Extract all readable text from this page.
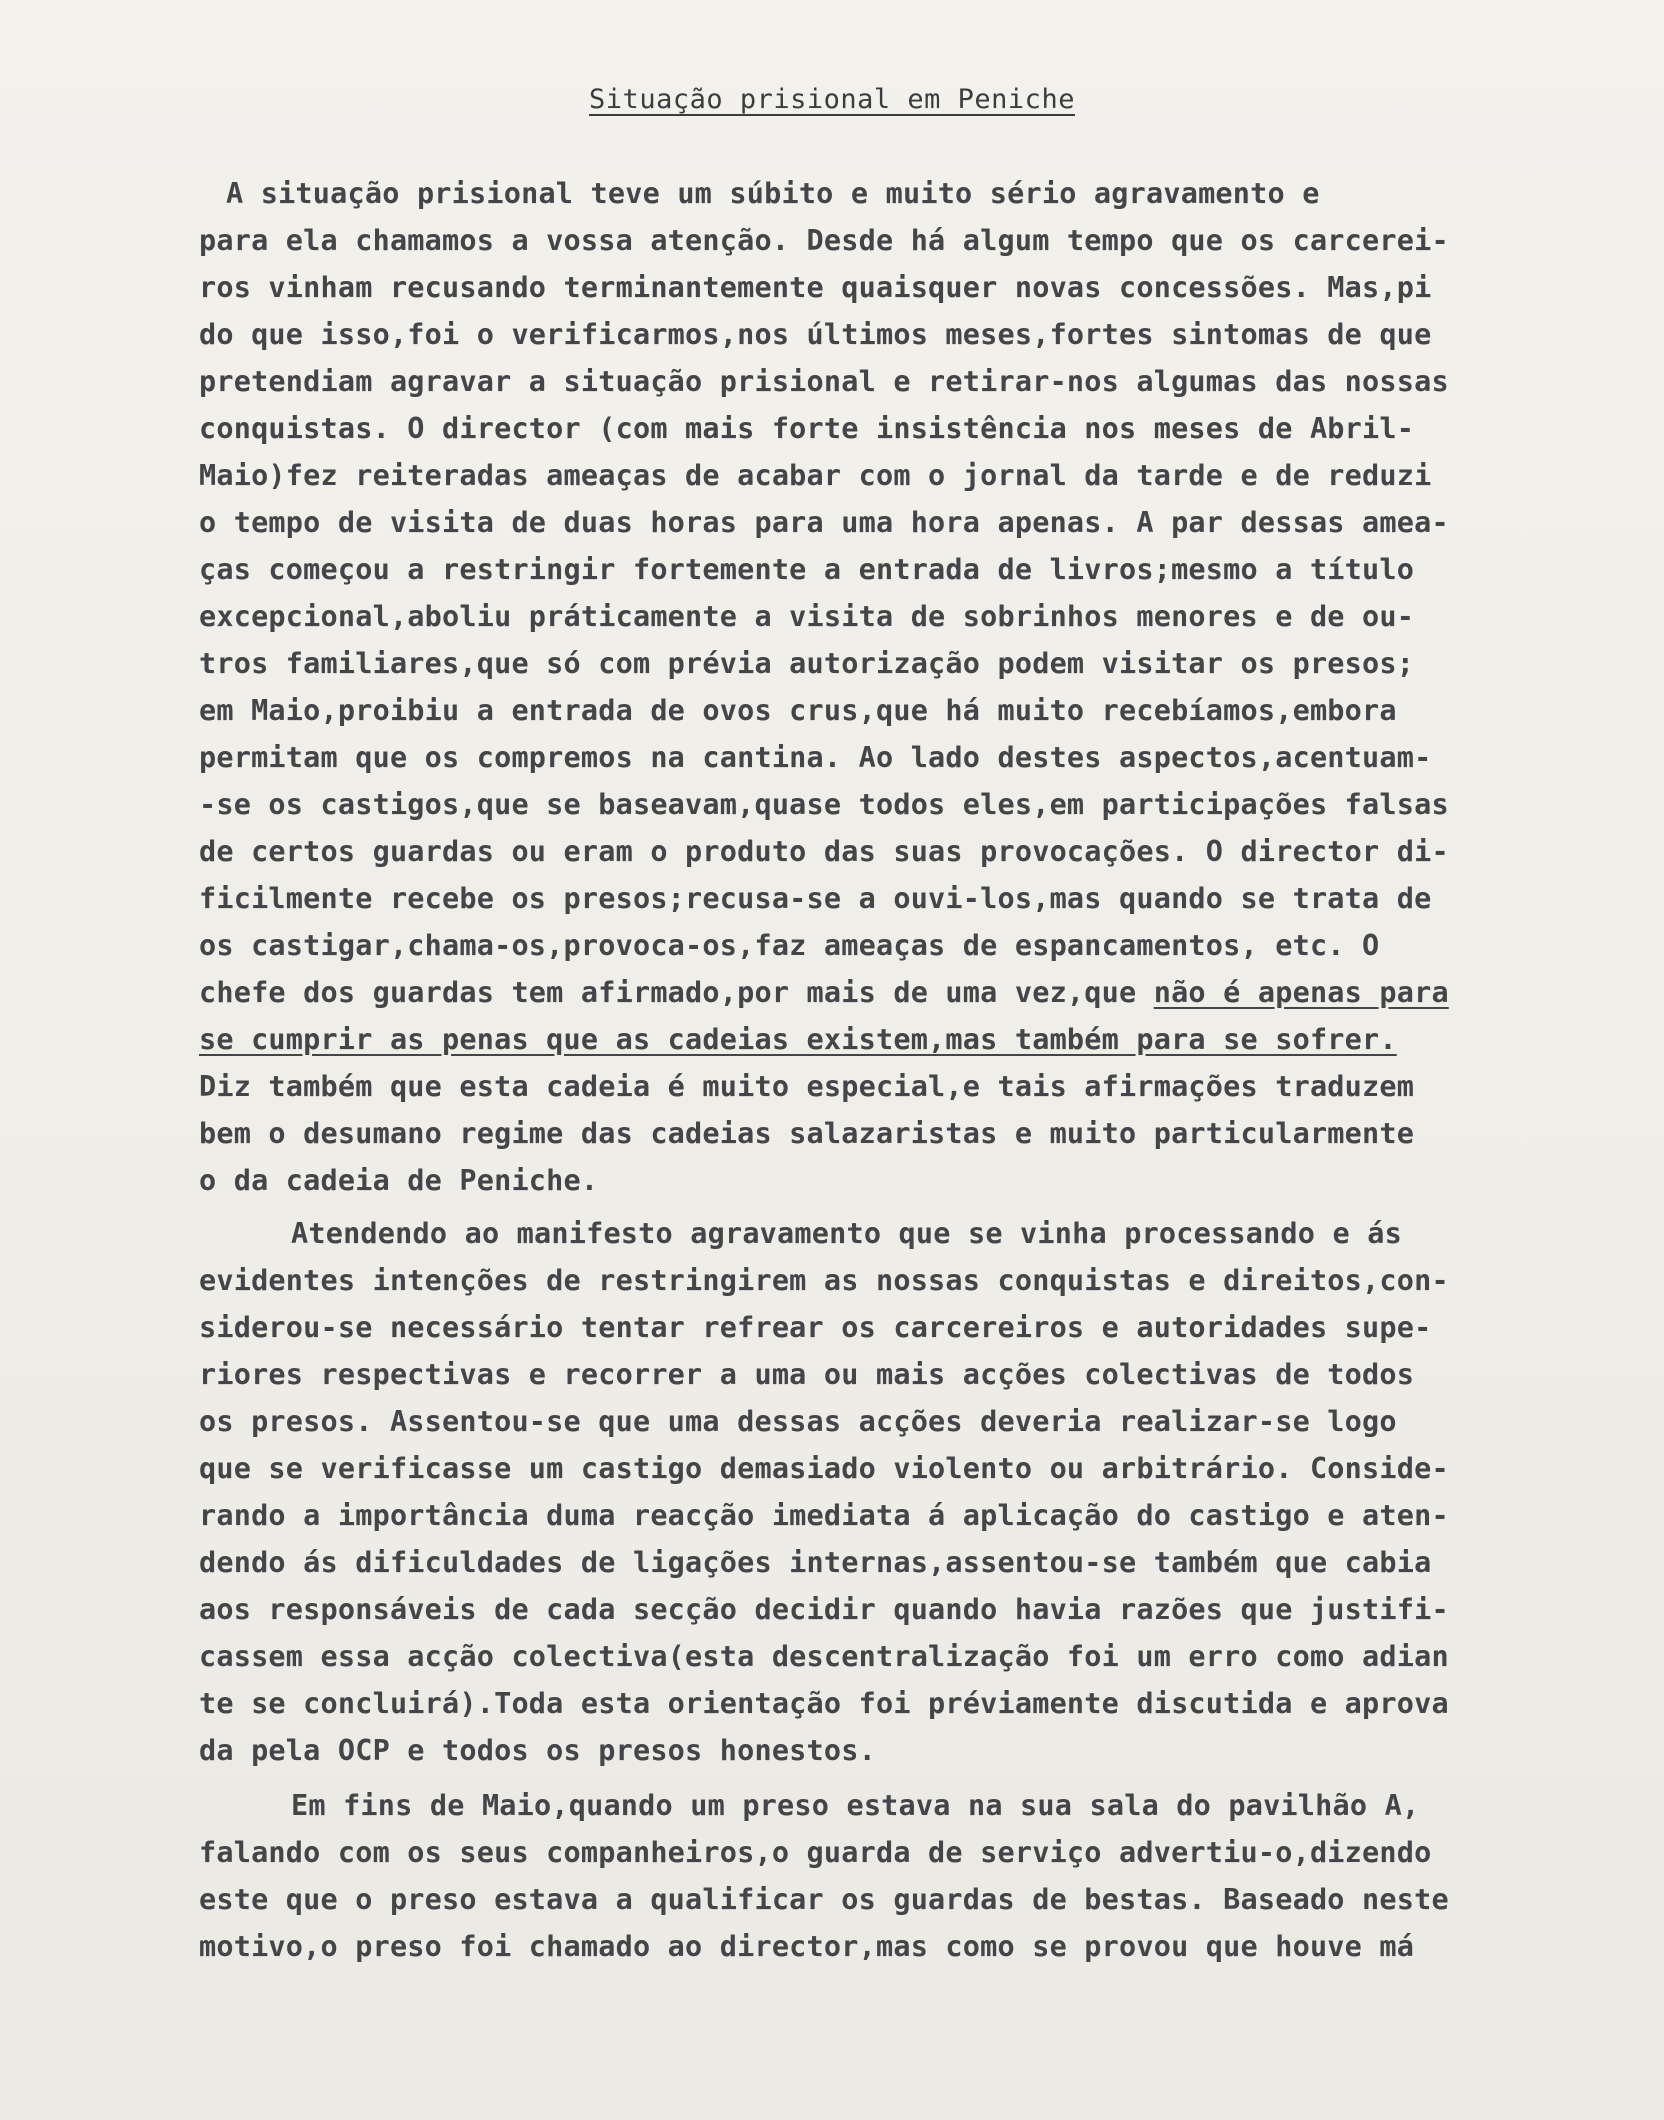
Situação prisional em Peniche
A situação prisional teve um súbito e muito sério agravamento e
para ela chamamos a vossa atenção. Desde há algum tempo que os carcerei-
ros vinham recusando terminantemente quaisquer novas concessões. Mas,pi
do que isso,foi o verificarmos,nos últimos meses,fortes sintomas de que
pretendiam agravar a situação prisional e retirar-nos algumas das nossas
conquistas. O director (com mais forte insistência nos meses de Abril-
Maio)fez reiteradas ameaças de acabar com o jornal da tarde e de reduzi
o tempo de visita de duas horas para uma hora apenas. A par dessas amea-
ças começou a restringir fortemente a entrada de livros;mesmo a título
excepcional,aboliu práticamente a visita de sobrinhos menores e de ou-
tros familiares,que só com prévia autorização podem visitar os presos;
em Maio,proibiu a entrada de ovos crus,que há muito recebíamos,embora
permitam que os compremos na cantina. Ao lado destes aspectos,acentuam-
-se os castigos,que se baseavam,quase todos eles,em participações falsas
de certos guardas ou eram o produto das suas provocações. O director di-
ficilmente recebe os presos;recusa-se a ouvi-los,mas quando se trata de
os castigar,chama-os,provoca-os,faz ameaças de espancamentos, etc. O
chefe dos guardas tem afirmado,por mais de uma vez,que não é apenas para
se cumprir as penas que as cadeias existem,mas também para se sofrer.
Diz também que esta cadeia é muito especial,e tais afirmações traduzem
bem o desumano regime das cadeias salazaristas e muito particularmente
o da cadeia de Peniche.
Atendendo ao manifesto agravamento que se vinha processando e ás
evidentes intenções de restringirem as nossas conquistas e direitos,con-
siderou-se necessário tentar refrear os carcereiros e autoridades supe-
riores respectivas e recorrer a uma ou mais acções colectivas de todos
os presos. Assentou-se que uma dessas acções deveria realizar-se logo
que se verificasse um castigo demasiado violento ou arbitrário. Conside-
rando a importância duma reacção imediata á aplicação do castigo e aten-
dendo ás dificuldades de ligações internas,assentou-se também que cabia
aos responsáveis de cada secção decidir quando havia razões que justifi-
cassem essa acção colectiva(esta descentralização foi um erro como adian
te se concluirá).Toda esta orientação foi préviamente discutida e aprova
da pela OCP e todos os presos honestos.
Em fins de Maio,quando um preso estava na sua sala do pavilhão A,
falando com os seus companheiros,o guarda de serviço advertiu-o,dizendo
este que o preso estava a qualificar os guardas de bestas. Baseado neste
motivo,o preso foi chamado ao director,mas como se provou que houve má
